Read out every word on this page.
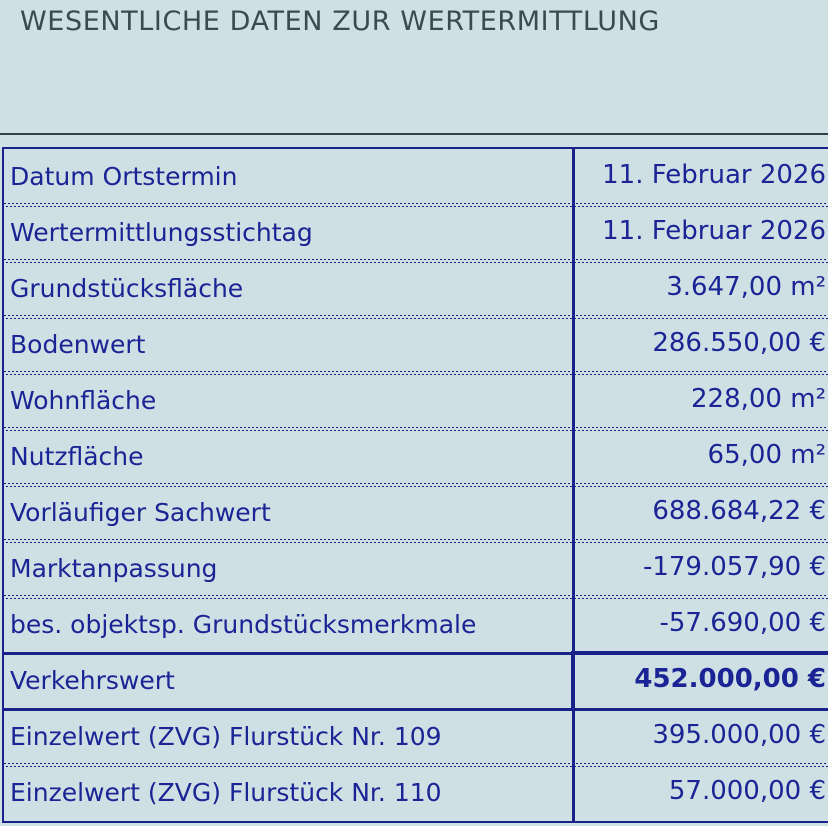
WESENTLICHE DATEN ZUR WERTERMITTLUNG
Datum Ortstermin	11. Februar 2026
Wertermittlungsstichtag	11. Februar 2026
Grundstücksfläche	3.647,00 m²
Bodenwert	286.550,00 €
Wohnfläche	228,00 m²
Nutzfläche	65,00 m²
Vorläufiger Sachwert	688.684,22 €
Marktanpassung	-179.057,90 €
bes. objektsp. Grundstücksmerkmale	-57.690,00 €
Verkehrswert	452.000,00 €
Einzelwert (ZVG) Flurstück Nr. 109	395.000,00 €
Einzelwert (ZVG) Flurstück Nr. 110	57.000,00 €
